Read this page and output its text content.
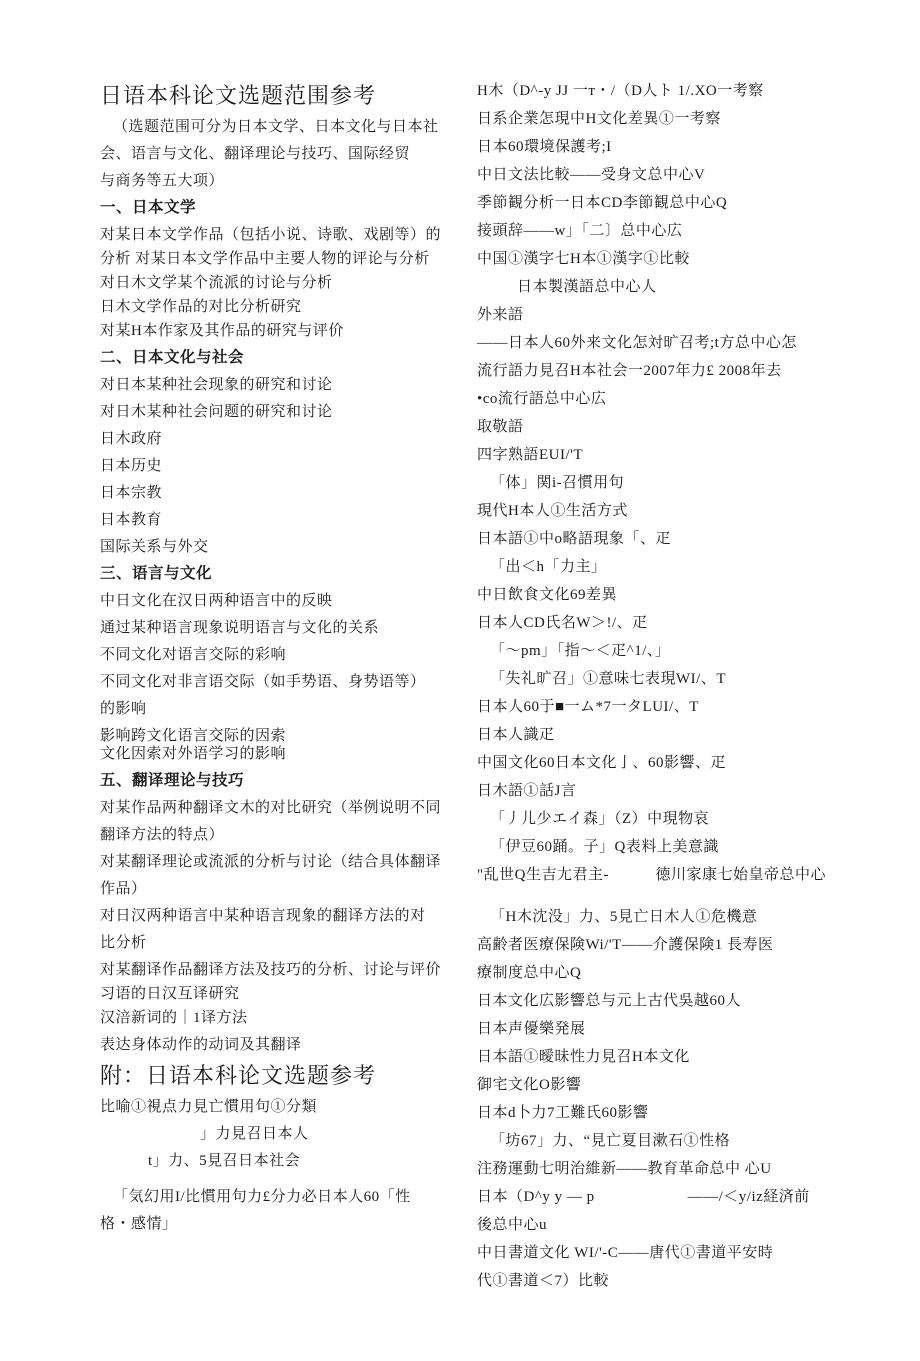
日语本科论文选题范围参考
（选题范围可分为日本文学、日本文化与日本社
会、语言与文化、翻译理论与技巧、国际经贸
与商务等五大项）
一、日本文学
对某日本文学作品（包括小说、诗歌、戏剧等）的
分析 对某日本文学作品中主要人物的评论与分析
对日木文学某个流派的讨论与分析
日木文学作品的对比分析研究
对某H本作家及其作品的研究与评价
二、日本文化与社会
对日本某种社会现象的研究和讨论
对日木某种社会问题的研究和讨论
日木政府
日本历史
日本宗教
日本教育
国际关系与外交
三、语言与文化
中日文化在汉日两种语言中的反映
通过某种语言现象说明语言与文化的关系
不同文化对语言交际的彩响
不同文化对非言语交际（如手势语、身势语等）
的影响
影响跨文化语言交际的因索
文化因索对外语学习的影响
五、翻译理论与技巧
对某作品两种翻译文木的对比研究（举例说明不同
翻译方法的特点）
对某翻译理论或流派的分析与讨论（结合具体翻译
作品）
对日汉两种语言中某种语言现象的翻译方法的对
比分析
对某翻译作品翻译方法及技巧的分析、讨论与评价
习语的日汉互译研究
汉涪新词的｜1译方法
表达身体动作的动词及其翻译
附：日语本科论文选题参考
比喻①視点力見亡慣用句①分類
」力見召日本人
t」力、5見召日本社会
「気幻用I/比慣用句力£分力必日本人60「性
格・感情」
H木（D^-y JJ 一т・/（D人ト 1/.XO一考察
日系企業怎現中H文化差異①一考察
日本60環境保護考;I
中日文法比較——受身文总中心V
季節観分析一日本CD李節観总中心Q
接頭辞——w」「二〕总中心広
中国①漢字七H本①漢字①比較
日本製漢語总中心人
外来語
——日本人60外来文化怎対旷召考;t方总中心怎
流行語力見召H本社会一2007年力£ 2008年去
•co流行語总中心広
取敬語
四字熟語EUI/'T
「体」関i-召慣用句
現代H本人①生活方式
日本語①中o略語現象「、疋
「出＜h「力主」
中日飲食文化69差異
日本人CD氏名W＞!/、疋
「～pm」「指～＜疋^1/、」
「失礼旷召」①意味七表現WI/、T
日本人60于■一ム*7一タLUI/、T
日本人識疋
中国文化60日本文化亅、60影響、疋
日木語①話J言
「丿儿少エイ森」（Z）中現物哀
「伊豆60踊。子」Q表料上美意識
"乱世Q生吉尢君主-　　　徳川家康七始皇帝总中心
「H木沈没」力、5見亡日木人①危機意
高齢者医療保険Wi/'T——介護保険1 長寿医
療制度总中心Q
日本文化広影響总与元上古代吳越60人
日本声優樂発展
日本語①曖昧性力見召H本文化
御宅文化O影響
日本d卜力7工難氏60影響
「坊67」力、“見亡夏目漱石①性格
注務運動七明治維新——教育革命总中 心U
日本（D^y y — p　　　　　　——/＜y/iz経済前
後总中心u
中日書道文化 WI/'-C——唐代①書道平安時
代①書道＜7）比較
